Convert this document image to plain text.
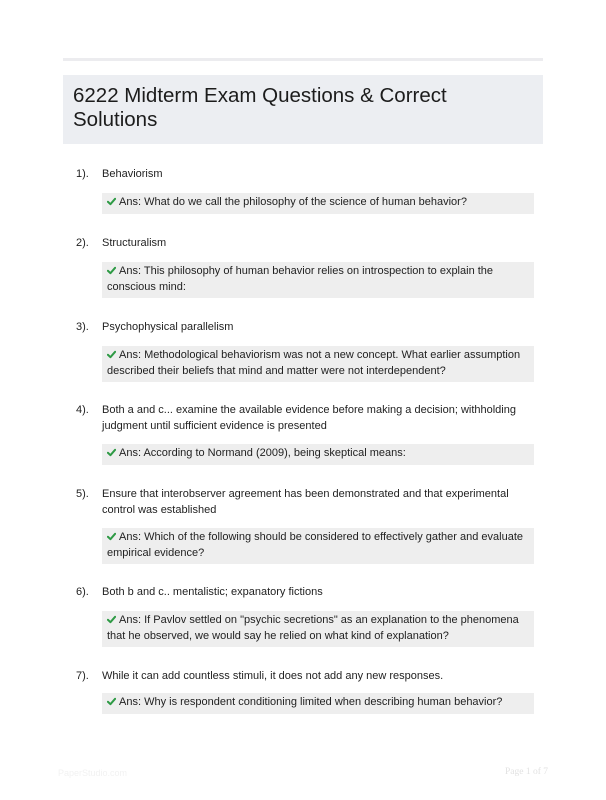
6222 Midterm Exam Questions & Correct Solutions
1). Behaviorism
Ans: What do we call the philosophy of the science of human behavior?
2). Structuralism
Ans: This philosophy of human behavior relies on introspection to explain the conscious mind:
3). Psychophysical parallelism
Ans: Methodological behaviorism was not a new concept. What earlier assumption described their beliefs that mind and matter were not interdependent?
4). Both a and c... examine the available evidence before making a decision; withholding judgment until sufficient evidence is presented
Ans: According to Normand (2009), being skeptical means:
5). Ensure that interobserver agreement has been demonstrated and that experimental control was established
Ans: Which of the following should be considered to effectively gather and evaluate empirical evidence?
6). Both b and c.. mentalistic; expanatory fictions
Ans: If Pavlov settled on "psychic secretions" as an explanation to the phenomena that he observed, we would say he relied on what kind of explanation?
7). While it can add countless stimuli, it does not add any new responses.
Ans: Why is respondent conditioning limited when describing human behavior?
PaperStudio.com	Page 1 of 7
